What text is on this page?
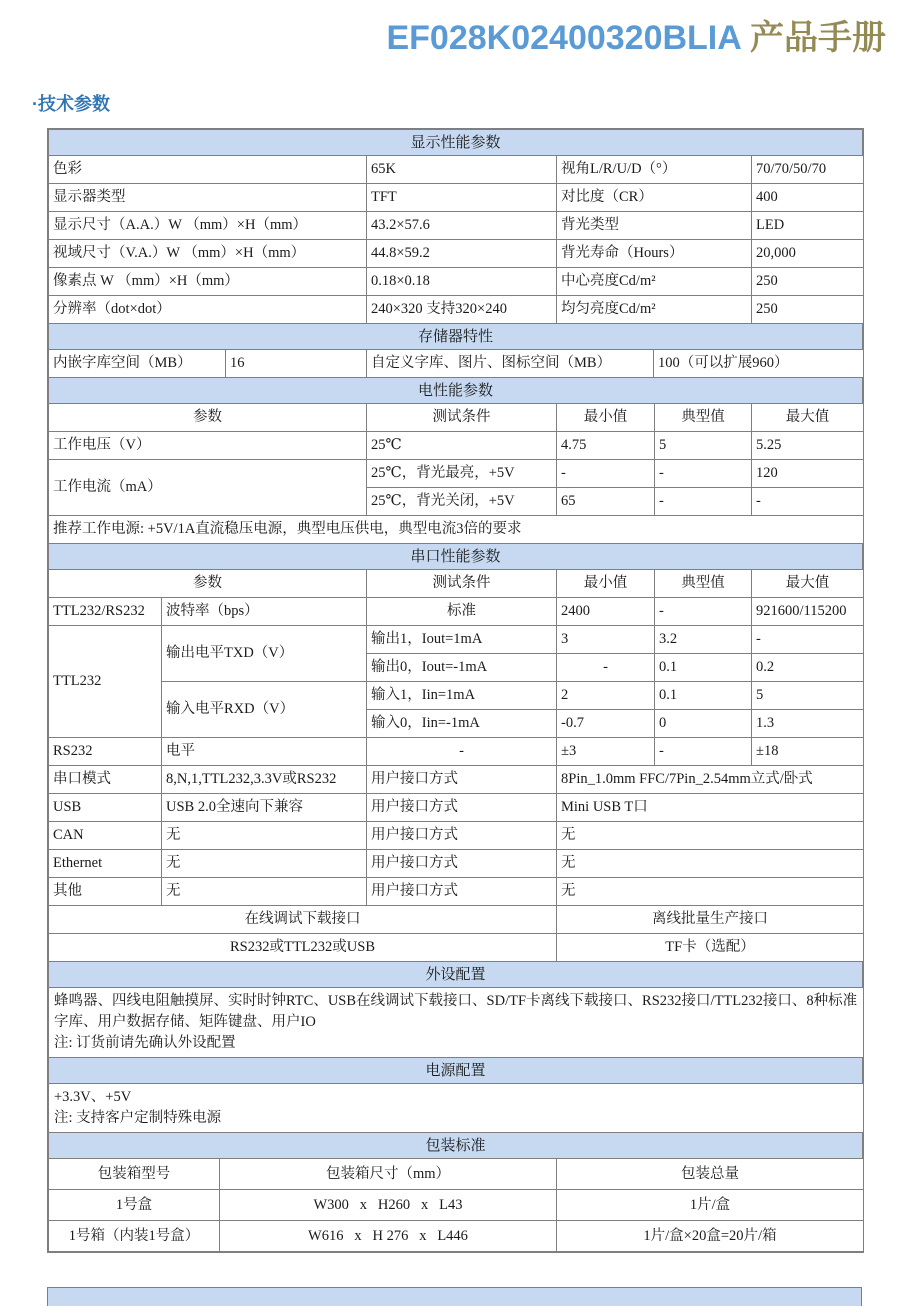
EF028K02400320BLIA 产品手册
·技术参数
显示性能参数
色彩	65K	视角L/R/U/D（°）	70/70/50/70
显示器类型	TFT	对比度（CR）	400
显示尺寸（A.A.）W （mm）×H（mm）	43.2×57.6	背光类型	LED
视域尺寸（V.A.）W （mm）×H（mm）	44.8×59.2	背光寿命（Hours）	20,000
像素点 W （mm）×H（mm）	0.18×0.18	中心亮度Cd/m²	250
分辨率（dot×dot）	240×320 支持320×240	均匀亮度Cd/m²	250
存储器特性
内嵌字库空间（MB）	16	自定义字库、图片、图标空间（MB）	100（可以扩展960）
电性能参数
参数	测试条件	最小值	典型值	最大值
工作电压（V）	25℃	4.75	5	5.25
工作电流（mA）	25℃，背光最亮，+5V	-	-	120
	25℃，背光关闭，+5V	65	-	-
推荐工作电源: +5V/1A直流稳压电源，典型电压供电，典型电流3倍的要求				
串口性能参数
参数		测试条件	最小值	典型值	最大值
TTL232/RS232	波特率（bps）	标准	2400	-	921600/115200
TTL232	输出电平TXD（V）	输出1，Iout=1mA	3	3.2	-
		输出0，Iout=-1mA	-	0.1	0.2
	输入电平RXD（V）	输入1，Iin=1mA	2	0.1	5
		输入0，Iin=-1mA	-0.7	0	1.3
RS232	电平	-	±3	-	±18
串口模式	8,N,1,TTL232,3.3V或RS232	用户接口方式	8Pin_1.0mm FFC/7Pin_2.54mm立式/卧式		
USB	USB 2.0全速向下兼容	用户接口方式	Mini USB T口		
CAN	无	用户接口方式	无		
Ethernet	无	用户接口方式	无		
其他	无	用户接口方式	无		
在线调试下载接口			离线批量生产接口		
RS232或TTL232或USB			TF卡（选配）		
外设配置
蜂鸣器、四线电阻触摸屏、实时时钟RTC、USB在线调试下载接口、SD/TF卡离线下载接口、RS232接口/TTL232接口、8种标准字库、用户数据存储、矩阵键盘、用户IO
注: 订货前请先确认外设配置
电源配置
+3.3V、+5V
注: 支持客户定制特殊电源
包装标准
包装箱型号	包装箱尺寸（mm）	包装总量
1号盒	W300   x   H260   x   L43	1片/盒
1号箱（内装1号盒）	W616   x   H 276   x   L446	1片/盒×20盒=20片/箱
